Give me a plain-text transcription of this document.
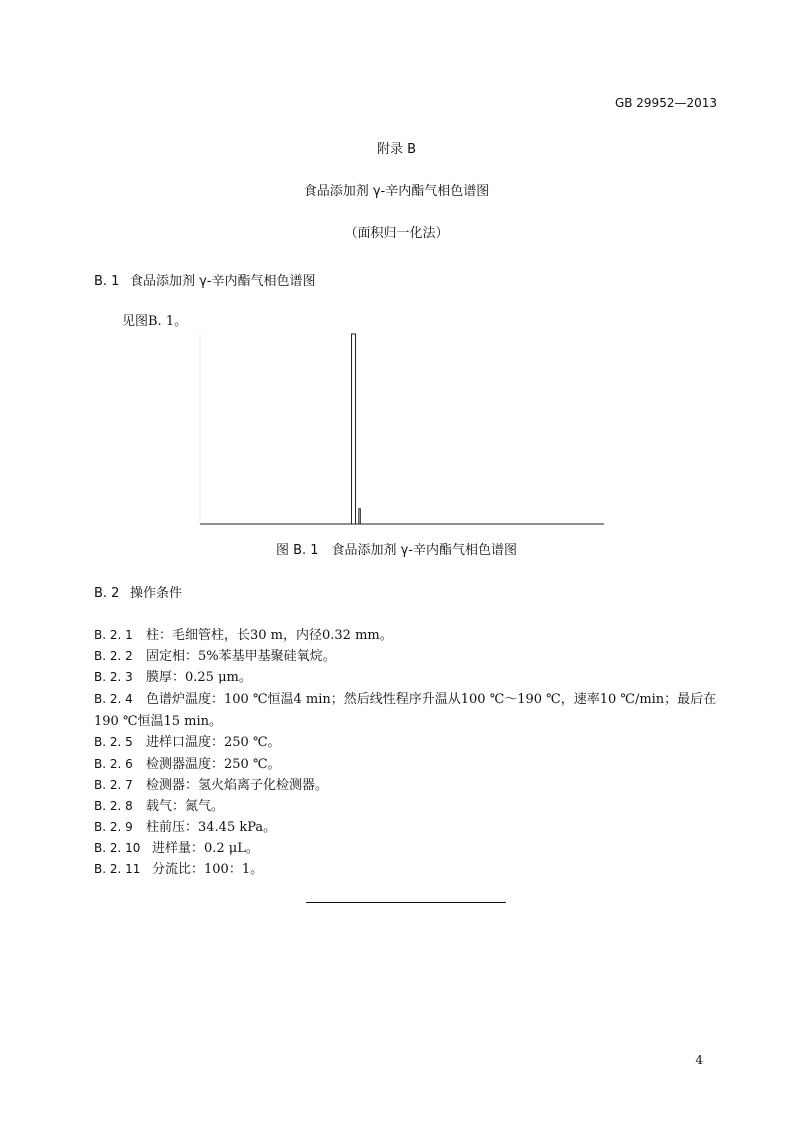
GB 29952—2013
附录 B
食品添加剂 γ-辛内酯气相色谱图
（面积归一化法）
B. 1 食品添加剂 γ-辛内酯气相色谱图
见图B. 1。
图 B. 1　食品添加剂 γ-辛内酯气相色谱图
B. 2 操作条件
B. 2. 1 柱：毛细管柱，长30 m，内径0.32 mm。
B. 2. 2 固定相：5%苯基甲基聚硅氧烷。
B. 2. 3 膜厚：0.25 μm。
B. 2. 4 色谱炉温度：100 ℃恒温4 min；然后线性程序升温从100 ℃～190 ℃，速率10 ℃/min；最后在
190 ℃恒温15 min。
B. 2. 5 进样口温度：250 ℃。
B. 2. 6 检测器温度：250 ℃。
B. 2. 7 检测器：氢火焰离子化检测器。
B. 2. 8 载气：氮气。
B. 2. 9 柱前压：34.45 kPa。
B. 2. 10 进样量：0.2 μL。
B. 2. 11 分流比：100：1。
4
